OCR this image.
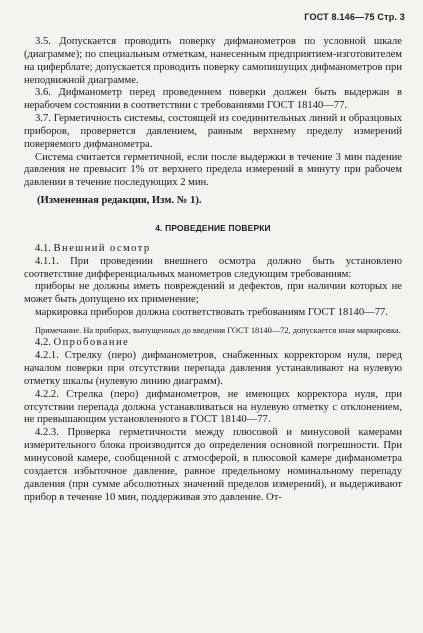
ГОСТ 8.146—75 Стр. 3

3.5. Допускается проводить поверку дифманометров по условной шкале (диаграмме); по специальным отметкам, нанесенным предприятием-изготовителем на циферблате; допускается проводить поверку самопишущих дифманометров при неподвижной диаграмме.

3.6. Дифманометр перед проведением поверки должен быть выдержан в нерабочем состоянии в соответствии с требованиями ГОСТ 18140—77.

3.7. Герметичность системы, состоящей из соединительных линий и образцовых приборов, проверяется давлением, равным верхнему пределу измерений поверяемого дифманометра.

Система считается герметичной, если после выдержки в течение 3 мин падение давления не превысит 1% от верхнего предела измерений в минуту при рабочем давлении в течение последующих 2 мин.

(Измененная редакция, Изм. № 1).

4. ПРОВЕДЕНИЕ ПОВЕРКИ

4.1. Внешний осмотр

4.1.1. При проведении внешнего осмотра должно быть установлено соответствие дифференциальных манометров следующим требованиям:

приборы не должны иметь повреждений и дефектов, при наличии которых не может быть допущено их применение;

маркировка приборов должна соответствовать требованиям ГОСТ 18140—77.

Примечание. На приборах, выпущенных до введения ГОСТ 18140—72, допускается иная маркировка.

4.2. Опробование

4.2.1. Стрелку (перо) дифманометров, снабженных корректором нуля, перед началом поверки при отсутствии перепада давления устанавливают на нулевую отметку шкалы (нулевую линию диаграмм).

4.2.2. Стрелка (перо) дифманометров, не имеющих корректора нуля, при отсутствии перепада должна устанавливаться на нулевую отметку с отклонением, не превышающим установленного в ГОСТ 18140—77.

4.2.3. Проверка герметичности между плюсовой и минусовой камерами измерительного блока производится до определения основной погрешности. При минусовой камере, сообщенной с атмосферой, в плюсовой камере дифманометра создается избыточное давление, равное предельному номинальному перепаду давления (при сумме абсолютных значений пределов измерений), и выдерживают прибор в течение 10 мин, поддерживая это давление. От-
